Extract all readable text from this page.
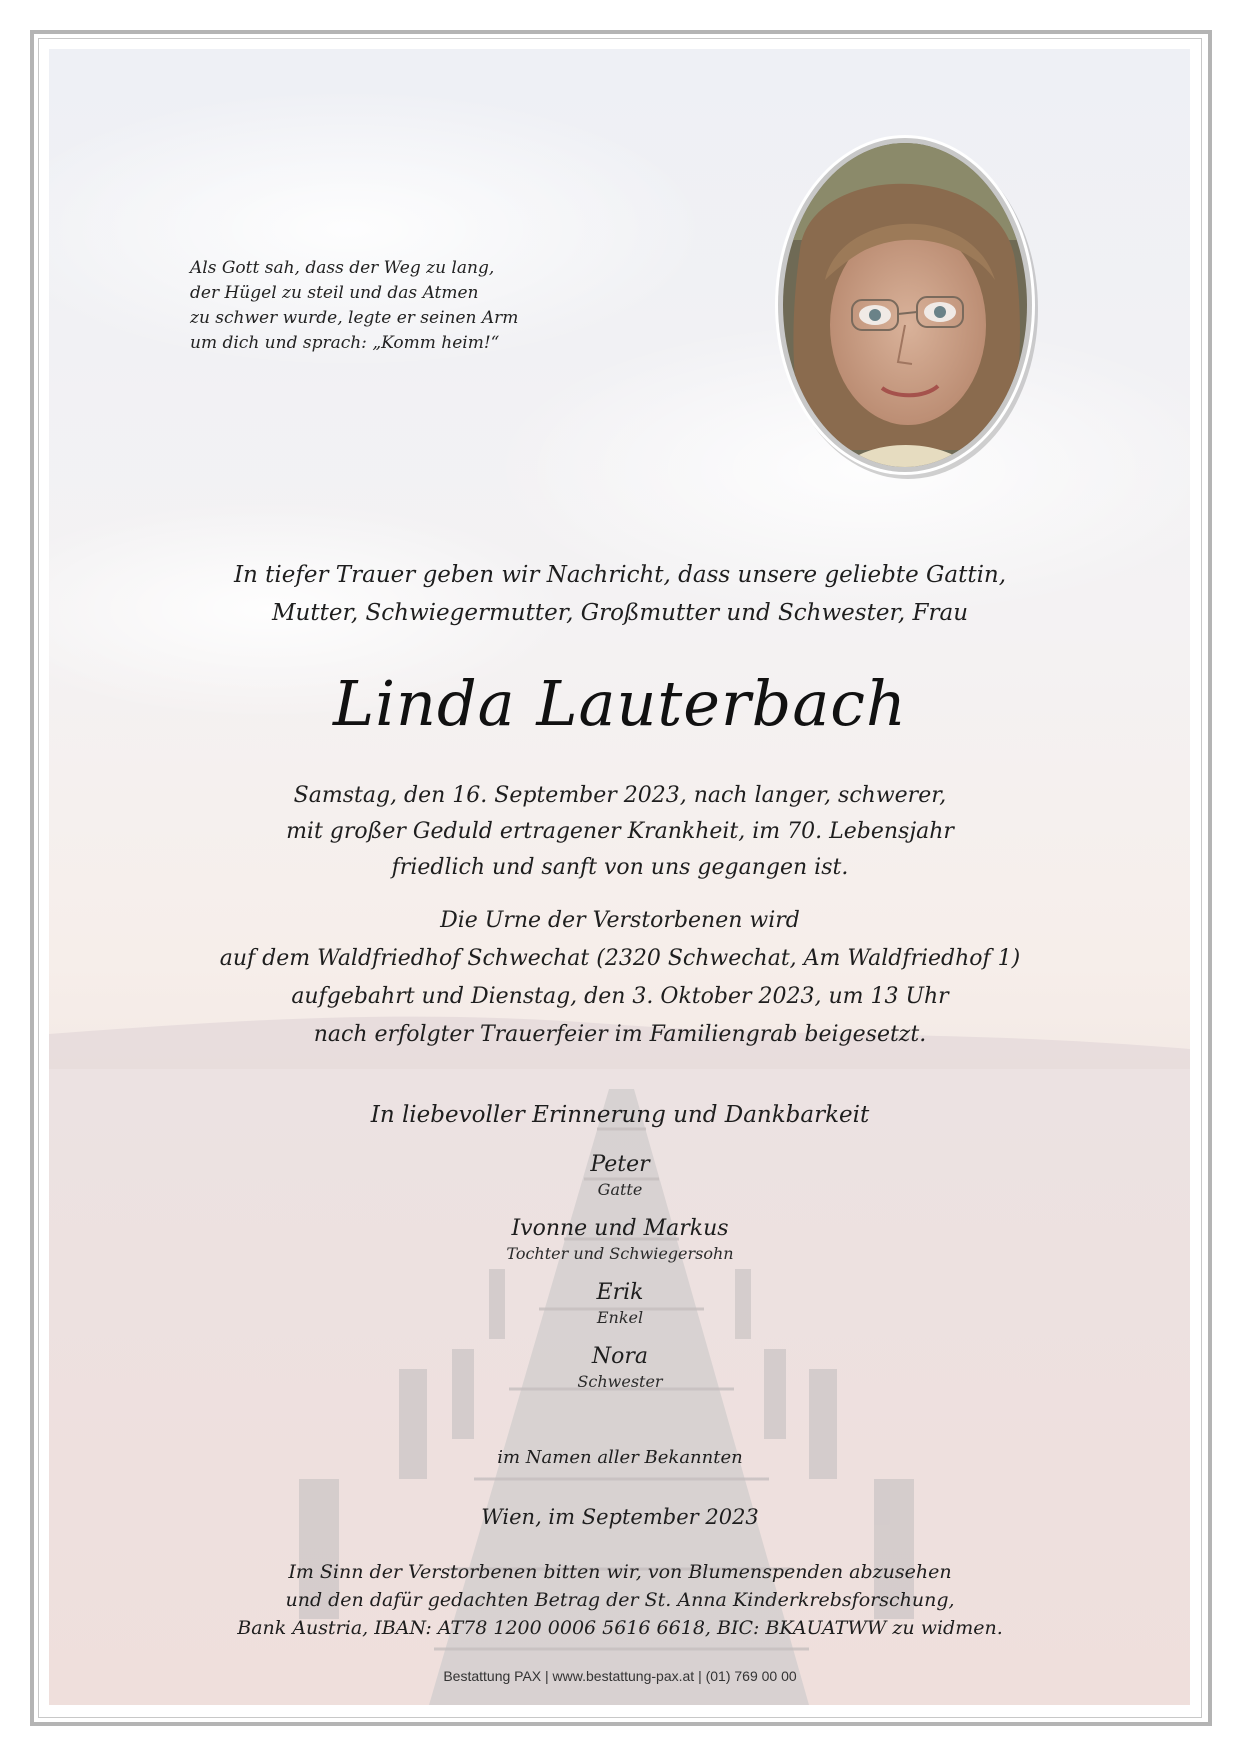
Als Gott sah, dass der Weg zu lang,
der Hügel zu steil und das Atmen
zu schwer wurde, legte er seinen Arm
um dich und sprach: „Komm heim!“
In tiefer Trauer geben wir Nachricht, dass unsere geliebte Gattin,
Mutter, Schwiegermutter, Großmutter und Schwester, Frau
Linda Lauterbach
Samstag, den 16. September 2023, nach langer, schwerer,
mit großer Geduld ertragener Krankheit, im 70. Lebensjahr
friedlich und sanft von uns gegangen ist.
Die Urne der Verstorbenen wird
auf dem Waldfriedhof Schwechat (2320 Schwechat, Am Waldfriedhof 1)
aufgebahrt und Dienstag, den 3. Oktober 2023, um 13 Uhr
nach erfolgter Trauerfeier im Familiengrab beigesetzt.
In liebevoller Erinnerung und Dankbarkeit
Peter
Gatte
Ivonne und Markus
Tochter und Schwiegersohn
Erik
Enkel
Nora
Schwester
im Namen aller Bekannten
Wien, im September 2023
Im Sinn der Verstorbenen bitten wir, von Blumenspenden abzusehen
und den dafür gedachten Betrag der St. Anna Kinderkrebsforschung,
Bank Austria, IBAN: AT78 1200 0006 5616 6618, BIC: BKAUATWW zu widmen.
Bestattung PAX | www.bestattung-pax.at | (01) 769 00 00
